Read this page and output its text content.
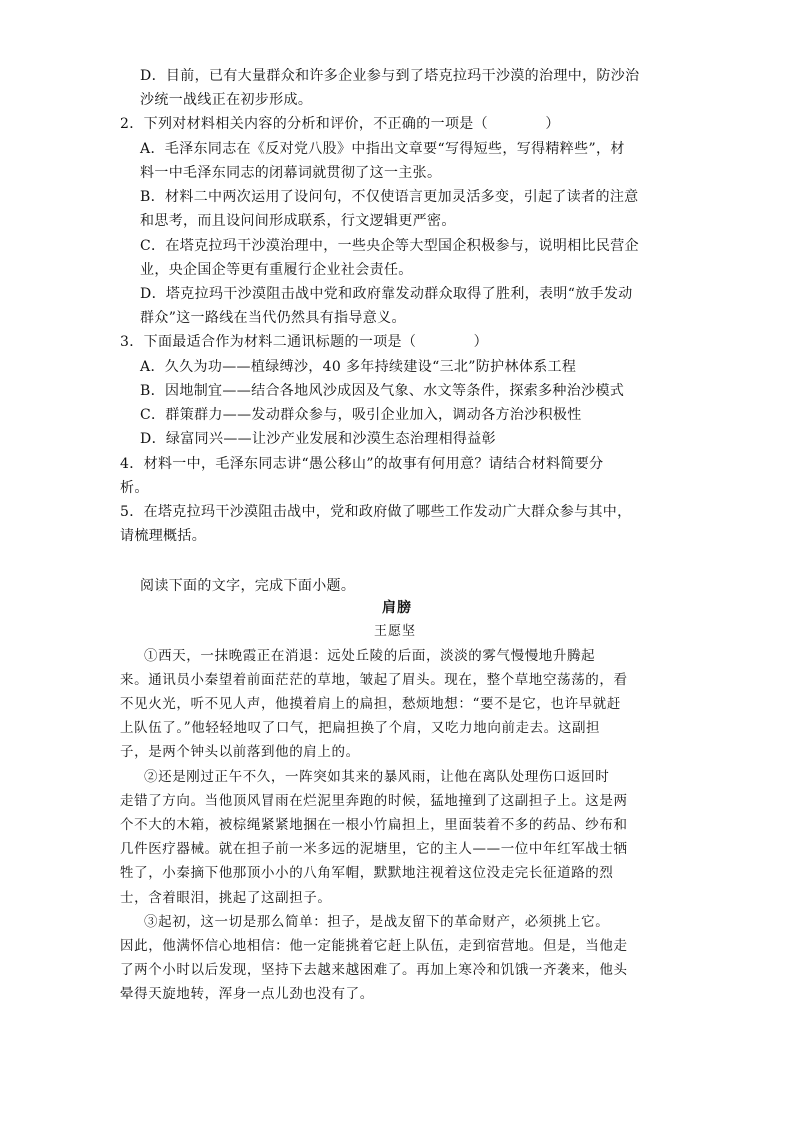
D．目前，已有大量群众和许多企业参与到了塔克拉玛干沙漠的治理中，防沙治
沙统一战线正在初步形成。
2．下列对材料相关内容的分析和评价，不正确的一项是（　　　　）
A．毛泽东同志在《反对党八股》中指出文章要“写得短些，写得精粹些”，材
料一中毛泽东同志的闭幕词就贯彻了这一主张。
B．材料二中两次运用了设问句，不仅使语言更加灵活多变，引起了读者的注意
和思考，而且设问间形成联系，行文逻辑更严密。
C．在塔克拉玛干沙漠治理中，一些央企等大型国企积极参与，说明相比民营企
业，央企国企等更有重履行企业社会责任。
D．塔克拉玛干沙漠阻击战中党和政府靠发动群众取得了胜利，表明“放手发动
群众”这一路线在当代仍然具有指导意义。
3．下面最适合作为材料二通讯标题的一项是（　　　　）
A．久久为功——植绿缚沙，40 多年持续建设“三北”防护林体系工程
B．因地制宜——结合各地风沙成因及气象、水文等条件，探索多种治沙模式
C．群策群力——发动群众参与，吸引企业加入，调动各方治沙积极性
D．绿富同兴——让沙产业发展和沙漠生态治理相得益彰
4．材料一中，毛泽东同志讲“愚公移山”的故事有何用意？请结合材料简要分
析。
5．在塔克拉玛干沙漠阻击战中，党和政府做了哪些工作发动广大群众参与其中，
请梳理概括。
阅读下面的文字，完成下面小题。
肩膀
王愿坚
①西天，一抹晚霞正在消退：远处丘陵的后面，淡淡的雾气慢慢地升腾起
来。通讯员小秦望着前面茫茫的草地，皱起了眉头。现在，整个草地空荡荡的，看
不见火光，听不见人声，他摸着肩上的扁担，愁烦地想：“要不是它，也许早就赶
上队伍了。”他轻轻地叹了口气，把扁担换了个肩，又吃力地向前走去。这副担
子，是两个钟头以前落到他的肩上的。
②还是刚过正午不久，一阵突如其来的暴风雨，让他在离队处理伤口返回时
走错了方向。当他顶风冒雨在烂泥里奔跑的时候，猛地撞到了这副担子上。这是两
个不大的木箱，被棕绳紧紧地捆在一根小竹扁担上，里面装着不多的药品、纱布和
几件医疗器械。就在担子前一米多远的泥塘里，它的主人——一位中年红军战士牺
牲了，小秦摘下他那顶小小的八角军帽，默默地注视着这位没走完长征道路的烈
士，含着眼泪，挑起了这副担子。
③起初，这一切是那么简单：担子，是战友留下的革命财产，必须挑上它。
因此，他满怀信心地相信：他一定能挑着它赶上队伍，走到宿营地。但是，当他走
了两个小时以后发现，坚持下去越来越困难了。再加上寒冷和饥饿一齐袭来，他头
晕得天旋地转，浑身一点儿劲也没有了。
